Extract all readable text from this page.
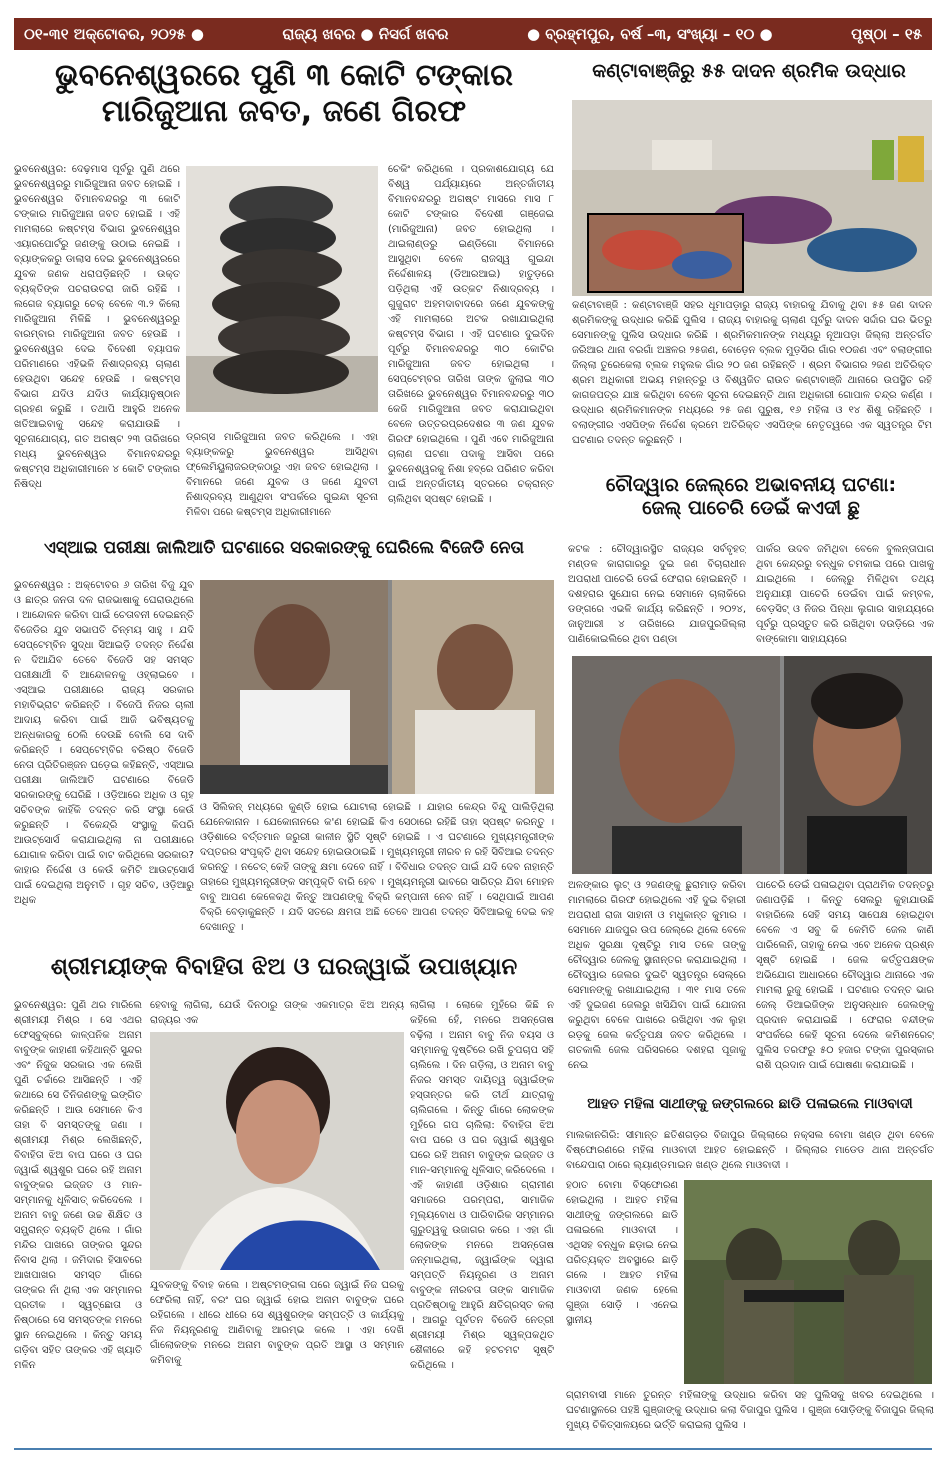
୦୧-୩୧ ଅକ୍ଟୋବର, ୨୦୨୫ ●	ରାଜ୍ୟ ଖବର ● ନିସର୍ଗ ଖବର	● ବ୍ରହ୍ମପୁର, ବର୍ଷ –୩, ସଂଖ୍ୟା – ୧୦ ●	ପୃଷ୍ଠା – ୧୫
ଭୁବନେଶ୍ୱରରେ ପୁଣି ୩ କୋଟି ଟଙ୍କାର
ମାରିଜୁଆନା ଜବତ, ଜଣେ ଗିରଫ
ଭୁବନେଶ୍ୱର: ଦେଢ଼ମାସ ପୂର୍ବରୁ ପୁଣି ଥରେ ଭୁବନେଶ୍ୱରରୁ ମାରିଜୁଆନା ଜବତ ହୋଇଛି । ଭୁବନେଶ୍ୱର ବିମାନବନ୍ଦରରୁ ୩ କୋଟି ଟଙ୍କାର ମାରିଜୁଆନା ଜବତ ହୋଇଛି । ଏହି ମାମଲାରେ କଷ୍ଟମ୍ସ ବିଭାଗ ଭୁବନେଶ୍ୱର ଏୟାରପୋର୍ଟରୁ ଜଣଙ୍କୁ ଉଠାଇ ନେଇଛି । ବ୍ୟାଙ୍କକରୁ ଡାଲାସ ଦେଇ ଭୁବନେଶ୍ୱରରେ ଯୁବକ ଜଣକ ଧରାପଡ଼ିଛନ୍ତି । ଉକ୍ତ ବ୍ୟକ୍ତିଙ୍କ ପଚରାଉଚରା ଜାରି ରହିଛି । ଲଗେଜ ବ୍ୟାଗରୁ ଚେକ୍ ବେଳେ ୩.୨ କିଲୋ ମାରିଜୁଆନା ମିଳିଛି । ଭୁବନେଶ୍ୱରରୁ ବାରମ୍ବାର ମାରିଜୁଆନା ଜବତ ହେଉଛି । ଭୁବନେଶ୍ୱର ଦେଇ ବିଦେଶୀ ବ୍ୟାପକ ପରିମାଣରେ ଏହିଭଳି ନିଶାଦ୍ରବ୍ୟ ଚାଲାଣ ହେଉଥିବା ସନ୍ଦେହ ହେଉଛି । କଷ୍ଟମ୍ସ ବିଭାଗ ଯଦିଓ ଯଦିଓ କାର୍ଯ୍ୟାନୁଷ୍ଠାନ ଗ୍ରହଣ କରୁଛି । ତଥାପି ଆହୁରି ଅନେକ ଖତିଆଇବାକୁ ସନ୍ଦେହ କରାଯାଉଛି । ସୂଚନାଯୋଗ୍ୟ, ଗତ ଅଗଷ୍ଟ ୨୩ ତାରିଖରେ ମଧ୍ୟ ଭୁବନେଶ୍ୱର ବିମାନବନ୍ଦରରୁ କଷ୍ଟମ୍ସ ଅଧିକାରୀମାନେ ୪ କୋଟି ଟଙ୍କାର ନିଷିଦ୍ଧ
ଡ୍ରଗ୍ସ ମାରିଜୁଆନା ଜବତ କରିଥିଲେ । ଏହା ବ୍ୟାଙ୍କକରୁ ଭୁବନେଶ୍ୱର ଆସିଥିବା ଫ୍ଲେମିୟୁଲାଜରଙ୍କଠାରୁ ଏହା ଜବତ ହୋଇଥିଲା । ବିମାନରେ ଜଣେ ଯୁବକ ଓ ଜଣେ ଯୁବତୀ ନିଶାଦ୍ରବ୍ୟ ଆଣୁଥିବା ସଂପର୍କରେ ଗୁଇନ୍ଦା ସୂଚନା ମିଳିବା ପରେ କଷ୍ଟମ୍ସ ଅଧିକାରୀମାନେ
ଚେକିଂ କରିଥିଲେ । ପ୍ରକାଶଯୋଗ୍ୟ ଯେ ବିଶ୍ୱ ପର୍ଯ୍ୟାୟରେ ଅନ୍ତର୍ଜାତୀୟ ବିମାନବନ୍ଦରରୁ ଅଗଷ୍ଟ ମାସରେ ମାସ ୮ କୋଟି ଟଙ୍କାର ବିଦେଶୀ ଗଞ୍ଜେଇ (ମାରିଜୁଆନା) ଜବତ ହୋଇଥିଲା । ଥାଇଲାଣ୍ଡରୁ ଇଣ୍ଡିଗୋ ବିମାନରେ ଆସୁଥିବା ବେଳେ ରାଜସ୍ୱ ଗୁଇନ୍ଦା ନିର୍ଦ୍ଦେଶାଳୟ (ଡିଆରଆଇ) ହାତୁଡ଼ରେ ପଡ଼ିଥିଲା ଏହି ଉତ୍କଟ ନିଶାଦ୍ରବ୍ୟ । ଗୁଜୁରାଟ ଅହମଦାବାଦରେ ଜଣେ ଯୁବକଙ୍କୁ ଏହି ମାମଲାରେ ଅଟକ ରଖାଯାଇଥିଲା କଷ୍ଟମ୍ସ ବିଭାଗ । ଏହି ଘଟଣାର ଦୁଇଦିନ ପୂର୍ବରୁ ବିମାନବନ୍ଦରରୁ ୩୦ କୋଟିର ମାରିଜୁଆନା ଜବତ ହୋଇଥିଲା । ସେପ୍ଟେମ୍ବର ତାରିଖ ତାଙ୍କ ଜୁଲାଇ ୩୦ ତାରିଖରେ ଭୁବନେଶ୍ୱର ବିମାନବନ୍ଦରରୁ ୩୦ କେଜି ମାରିଜୁଆନା ଜବତ କରାଯାଇଥିବା ବେଳେ ଉତ୍ତରପ୍ରଦେଶର ୩ ଜଣ ଯୁବକ ଗିରଫ ହୋଇଥିଲେ । ପୁଣି ଏବେ ମାରିଜୁଆନା ଚାଲାଣ ଘଟଣା ପଦାକୁ ଆସିବା ପରେ ଭୁବନେଶ୍ୱରକୁ ନିଶା ହବ୍‌ରେ ପରିଣତ କରିବା ପାଇଁ ଅନ୍ତର୍ଜାତୀୟ ସ୍ତରରେ ଚକ୍ରାନ୍ତ ଚାଲିଥିବା ସ୍ପଷ୍ଟ ହୋଇଛି ।
କଣ୍ଟାବାଞ୍ଜିରୁ ୫୫ ଦାଦନ ଶ୍ରମିକ ଉଦ୍ଧାର
କଣ୍ଟାବାଞ୍ଜି : କଣ୍ଟାବାଞ୍ଜି ସହର ଧୂମାପଡ଼ାରୁ ରାଜ୍ୟ ବାହାରକୁ ଯିବାକୁ ଥିବା ୫୫ ଜଣ ଦାଦନ ଶ୍ରମିକଙ୍କୁ ଉଦ୍ଧାର କରିଛି ପୁଲିସ । ରାଜ୍ୟ ବାହାରକୁ ଚାଲାଣ ପୂର୍ବରୁ ଦାଦନ ସର୍ଦ୍ଦାର ଘର ଭିତରୁ ସେମାନଙ୍କୁ ପୁଲିସ ଉଦ୍ଧାର କରିଛି । ଶ୍ରମିକମାନଙ୍କ ମଧ୍ୟରୁ ନୂଆପଡ଼ା ଜିଲ୍ଲା ଅନ୍ତର୍ଗତ ଜରିଆର ଥାନା ବରଗାଁ ଅଞ୍ଚଳର ୨୫ଜଣ, ବୋଡ଼େନ ବ୍ଲକ ମୁଡ଼ସିର ଗାଁର ୧୦ଜଣ ଏବଂ ବଲାଙ୍ଗୀର ଜିଲ୍ଲା ତୁରେକେଲା ବ୍ଲକ ମହୁଲକ ଗାଁର ୨୦ ଜଣ ରହିଛନ୍ତି । ଶ୍ରମ ବିଭାଗର ୨ଜଣ ଅତିରିକ୍ତ ଶ୍ରମ ଅଧିକାରୀ ଅଭୟ ମହାନ୍ତରୁ ଓ ବିଶ୍ୱଜିତ ରାଉତ କଣ୍ଟାବାଞ୍ଜି ଥାନାରେ ଉପସ୍ଥିତ ରହି କାଗଜପତ୍ର ଯାଞ୍ଚ କରିଥିବା ବେଳେ ସୂଚନା ଦେଇଛନ୍ତି ଥାନା ଅଧିକାରୀ ଗୋପାଳ ଚନ୍ଦ୍ର କର୍ଣ୍ଣ । ଉଦ୍ଧାର ଶ୍ରମିକମାନଙ୍କ ମଧ୍ୟରେ ୨୫ ଜଣ ପୁରୁଷ, ୧୬ ମହିଳା ଓ ୧୪ ଶିଶୁ ରହିଛନ୍ତି । ବଲାଙ୍ଗୀର ଏସପିଙ୍କ ନିର୍ଦ୍ଦେଶ କ୍ରମେ ଅତିରିକ୍ତ ଏସପିଙ୍କ ନେତୃତ୍ୱରେ ଏକ ସ୍ୱତନ୍ତ୍ର ଟିମ ଘଟଣାର ତଦନ୍ତ କରୁଛନ୍ତି ।
ଚୌଦ୍ୱାର ଜେଲ୍‌ରେ ଅଭାବନୀୟ ଘଟଣା:
ଜେଲ୍ ପାଚେରି ଡେଇଁ କଏଦୀ ଛୁ
କଟକ : ଚୌଦ୍ୱାରସ୍ଥିତ ରାଜ୍ୟର ସର୍ବବୃହତ୍ ମଣ୍ଡଳ କାରାଗାରରୁ ଦୁଇ ଜଣ ବିଚାରାଧୀନ ଅପରାଧୀ ପାଚେରି ଡେଇଁ ଫେରାର ହୋଇଛନ୍ତି । ଦଶହରାର ସୁଯୋଗ ନେଇ ସେମାନେ ଚାଲାକିରେ ଡଙ୍ଗରେ ଏଭଳି କାର୍ଯ୍ୟ କରିଛନ୍ତି । ୨୦୨୪, ଜାନୁଆରୀ ୪ ତାରିଖରେ ଯାଜପୁରଜିଲ୍ଲା ପାଣିକୋଇଲିରେ ଥିବା ପଣ୍ଡା
ପାର୍କର ଉଦବ ଜମିଥିବା ବେଳେ ବୁଲନ୍ତାପାଗ ଥିବା କେନ୍ଦ୍ରରୁ ବନ୍ଧୁକ ଚମକାଇ ପରେ ପାଖକୁ ଯାଇଥିଲେ । ଜେଲ୍ରୁ ମିଳିଥିବା ତଥ୍ୟ ଅନୁଯାୟୀ ପାଚେରି ଡେଇଁବା ପାଇଁ କମ୍ବଳ, ବେଡ଼ସିଟ୍ ଓ ନିଜର ପିନ୍ଧା ଲୁଗାର ସାହାଯ୍ୟରେ ପୂର୍ବରୁ ପ୍ରସ୍ତୁତ କରି ରଖିଥିବା ଦଉଡ଼ିରେ ଏକ ବାଙ୍କୋମା ସାହାଯ୍ୟରେ
ଅଳଙ୍କାର ଲୁଟ୍ ଓ ୨ଜଣଙ୍କୁ ଛୁରାମାଡ଼ କରିବା ମାମଲାରେ ଗିରଫ ହୋଇଥିଲେ ଏହି ଦୁଇ ବିହାରୀ ଅପରାଧୀ ରାଜା ସାହାନୀ ଓ ମଧୁକାନ୍ତ କୁମାର । ସେମାନେ ଯାଜପୁର ଉପ ଜେଲ୍‌ରେ ଥିଲେ ବେଳେ ଅଧିକ ସୁରକ୍ଷା ଦୃଷ୍ଟିରୁ ମାସ ତଳେ ତାଙ୍କୁ ଚୌଦ୍ୱାର ଜେଲକୁ ସ୍ଥାନାନ୍ତର କରାଯାଇଥିଲା । ଚୌଦ୍ୱାର ଜେଲର ଦୁଇଟି ସ୍ୱତନ୍ତ୍ର ସେଲ୍‌ରେ ସେମାନଙ୍କୁ ରଖାଯାଇଥିଲା । ୩୧ ମାସ ତଳେ ଏହି ଦୁଇଜଣ ଜେଲରୁ ଖସିଯିବା ପାଇଁ ଯୋଜନା କରୁଥିବା ବେଳେ ପାଖରେ ରଖିଥିବା ଏକ ଲୁହା ରଡ଼କୁ ଜେଲ କର୍ତ୍ତୃପକ୍ଷ ଜବତ କରିଥିଲେ । ଗତକାଲି ଜେଲ ପରିସରରେ ଦଶହରା ପୂଜାକୁ ନେଇ
ପାଚେରି ଡେଇଁ ପଳାଇଥିବା ପ୍ରାଥମିକ ତଦନ୍ତରୁ ଜଣାପଡ଼ିଛି । କିନ୍ତୁ ସେଲରୁ କୁହାଯାଉଛି ବାହାରିଲେ ସେହି ସମୟ ସାପେକ୍ଷ ହୋଇଥିବା ବେଳେ ଏ ସବୁ କି କେମିତି ଜେଲ କାଣି ପାରିଲେନି, ତାହାକୁ ନେଇ ଏବେ ଅନେକ ପ୍ରଶ୍ନ ସୃଷ୍ଟି ହୋଇଛି । ଜେଲ କର୍ତ୍ତୃପକ୍ଷଙ୍କ ଅଭିଯୋଗ ଆଧାରରେ ଚୌଦ୍ୱାର ଥାନାରେ ଏକ ମାମଲା ରୁଜୁ ହୋଇଛି । ଘଟଣାର ତଦନ୍ତ ଭାର ଜେଲ୍ ଡିଆଇଜିଙ୍କ ଅନୁସନ୍ଧାନ ଜେଲଙ୍କୁ ପ୍ରଦାନ କରାଯାଇଛି । ଫେରାର ବନ୍ଦୀଙ୍କ ସଂପର୍କରେ କେହି ସୂଚନା ଦେଲେ କମିଶନରେଟ୍ ପୁଲିସ ତରଫରୁ ୫୦ ହଜାର ଟଙ୍କା ପୁରସ୍କାର ରାଶି ପ୍ରଦାନ ପାଇଁ ଘୋଷଣା କରାଯାଇଛି ।
ଏସ୍ଆଇ ପରୀକ୍ଷା ଜାଲିଆତି ଘଟଣାରେ ସରକାରଙ୍କୁ ଘେରିଲେ ବିଜେଡି ନେତା
ଭୁବନେଶ୍ୱର : ଅକ୍ଟୋବର ୬ ତାରିଖ ବିଜୁ ଯୁବ ଓ ଛାତ୍ର ଜନତା ଦଳ ରାଜଭାଷାକୁ ଘେରାଉଥିଲେ । ଆନ୍ଦୋଳନ କରିବା ପାଇଁ ଚେତାବନୀ ଦେଇଛନ୍ତି ବିଜେଡିର ଯୁବ ସଭାପତି ଚିନ୍ମୟ ସାହୁ । ଯଦି ସେପ୍ଟେମ୍ବିନ ସୁଦ୍ଧା ସିଆଇଡ଼ି ତଦନ୍ତ ନିର୍ଦ୍ଦେଶ ନ ଦିଆଯିବ ତେବେ ବିଜେଡି ସହ ସମସ୍ତ ପରୀକ୍ଷାର୍ଥୀ ବି ଆନ୍ଦୋଳନକୁ ଓହ୍ଲାଇବେ । ଏସ୍ଆଇ ପରୀକ୍ଷାରେ ରାଜ୍ୟ ସରକାର ମହାବିଭ୍ରାଟ କରିଛନ୍ତି । ବିଜେପି ନିଜର ଚାଲୀ ଆଦାୟ କରିବା ପାଇଁ ଆଜି ଭବିଷ୍ୟତକୁ ଅନ୍ଧକାରକୁ ଠେଲି ଦେଉଛି ବୋଲି ସେ ଦାବି କରିଛନ୍ତି । ସେପ୍ଟେମ୍ବିର ବରିଷ୍ଠ ବିଜେଡି ନେତା ପ୍ରିତିରଞ୍ଜନ ଘଡ଼େଇ କହିଛନ୍ତି, ଏସ୍ଆଇ ପରୀକ୍ଷା ଜାଲିଆତି ଘଟଣାରେ ବିଜେଡି ସରକାରଙ୍କୁ ଘେରିଛି । ଓଡ଼ିଆରେ ଅଧିକ ଓ ଗୃହ ସଚିବଙ୍କ କାହିଁକି ତଦନ୍ତ କରି ସଂସ୍ଥା କେଉଁ କରୁଛନ୍ତି । ବିକେନ୍ଦ୍ରି ସଂସ୍ଥାକୁ କିପରି ଆଉଟ୍‌ସୋର୍ସ କରାଯାଇଥିଲା ନା ପରୀକ୍ଷାରେ ଯୋଗାଳ କରିବା ପାଇଁ ବାଟ କରିଥିଲେ ସରକାର? କାହାର ନିର୍ଦ୍ଦେଶ ଓ କେଉଁ କମିଟି ଆଉଟ୍‌ସୋର୍ସ ପାଇଁ ଦେଇଥିଲା ଅନୁମତି । ଗୃହ ସଚିବ, ଓଡ଼ିଆରୁ ଅଧିକ
ଓ ସିଲିକନ୍ ମଧ୍ୟରେ କୁଣ୍ଡି ହୋଇ ଯୋଟାଲା ହୋଇଛି । ଯାହାର କେନ୍ଦ୍ର ବିନ୍ଦୁ ପାଲିଡ଼ିଥିଲା ଯେନେକାନାନ । ଯେକୋନାନରେ କ'ଣ ହୋଇଛି କିଏ ସେଠାରେ ରହିଛି ତାହା ସ୍ପଷ୍ଟ କରନ୍ତୁ । ଓଡ଼ିଶାରେ ବର୍ତ୍ତମାନ ଜରୁରୀ କାଳୀନ ସ୍ଥିତି ସୃଷ୍ଟି ହୋଇଛି । ଏ ଘଟଣାରେ ମୁଖ୍ୟମନ୍ତ୍ରୀଙ୍କ ଦପ୍ତରର ସଂପୃକ୍ତି ଥିବା ସନ୍ଦେହ ହୋଇଉଠାଇଛି । ମୁଖ୍ୟମନ୍ତ୍ରୀ ନୀରବ ନ ରହି ସିବିଆଇ ତଦନ୍ତ କରନ୍ତୁ । ନଚେତ୍ କେହି ତାଙ୍କୁ କ୍ଷମା ଦେବେ ନାହିଁ । ବିବିଧାର ତଦନ୍ତ ପାଇଁ ଯଦି ଦେବ ନାହାନ୍ତି ତାହାରେ ମୁଖ୍ୟମନ୍ତ୍ରୀଙ୍କ ସମ୍ପୃକ୍ତି ବାରି ହେବ । ମୁଖ୍ୟମନ୍ତ୍ରୀ ଭାବରେ ସାରିତ୍ର ଯିବା ମୋହନ ବାବୁ ଆପଣ କେଳେକଥି କିନ୍ତୁ ଆପଣଙ୍କୁ ବିକ୍ରି କମ୍ପାନୀ ନେବ ନାହିଁ । ସେଥିପାଇଁ ଆପଣ ବିକ୍ରି ବେଡ଼ାକୁଛନ୍ତି । ଯଦି ସତରେ କ୍ଷମତା ଅଛି ତେବେ ଆପଣ ତଦନ୍ତ ସିବିଆଇକୁ ଦେଇ କହ ଦେଖାନ୍ତୁ ।
ଶ୍ରୀମୟୀଙ୍କ ବିବାହିତା ଝିଅ ଓ ଘରଜ୍ୱାଇଁ ଉପାଖ୍ୟାନ
ଭୁବନେଶ୍ୱର: ପୁଣି ଥର ମାରିଲେ ଶ୍ରୀମୟୀ ମିଶ୍ର । ସେ ଏଥର ଫେସ୍‌ବୁକ୍‌ରେ କାଳ୍ପନିକ ଅନାମ ବାବୁଙ୍କ କାହାଣୀ କହିଥାନ୍ତି ସୁନ୍ଦର ଏବଂ ନିଜୁକ ସରକାର ଏକ ଲେଖି ପୁଣି ଚର୍ଚ୍ଚାରେ ଆସିଛନ୍ତି । ଏହି କଥାରେ ସେ ତିନିଜଣଙ୍କୁ ଇଙ୍ଗିତ କରିଛନ୍ତି । ଆଉ ସେମାନେ କିଏ ତାହା ବି ସମସ୍ତଙ୍କୁ ଜଣା । ଶ୍ରୀମୟୀ ମିଶ୍ର ଲେଖିଛନ୍ତି, ବିବାହିତା ଝିଅ ବାପ ଘରେ ଓ ଘର ଜ୍ୱାଇଁ ଶ୍ୱଶୁର ଘରେ ରହି ଅନାମ ବାବୁଙ୍କର ଇଜ୍ଜତ ଓ ମାନ-ସମ୍ମାନକୁ ଧୂଳିସାତ୍ କରିଦେଲେ । ଅନାମ ବାବୁ ଜଣେ ଉଚ୍ଚ ଶିକ୍ଷିତ ଓ ସମ୍ଭ୍ରାନ୍ତ ବ୍ୟକ୍ତି ଥିଲେ । ଗାଁର ମନ୍ଦିର ପାଖରେ ତାଙ୍କର ସୁନ୍ଦର ନିବାସ ଥିଲା । ଜମିଦାର ହିସାବରେ ଆଖପାଖର ସମସ୍ତ ଗାଁରେ ତାଙ୍କର ନାଁ ଥିଲା ଏକ ସମ୍ମାନର ପ୍ରତୀକ । ସ୍ୱଚ୍ଛୋତା ଓ ନିଷ୍ଠାରେ ସେ ସମସ୍ତଙ୍କ ମନରେ ସ୍ଥାନ ନେଇଥିଲେ । କିନ୍ତୁ ସମୟ ଗଡ଼ିବା ସହିତ ତାଙ୍କର ଏହି ଖ୍ୟାତି ମଳିନ
ହେବାକୁ ଲାଗିଲା, ଯେଉଁ ଦିନଠାରୁ ତାଙ୍କ ଏକମାତ୍ର ଝିଅ ଅନ୍ୟ ରାଜ୍ୟର ଏକ
ଯୁବକଙ୍କୁ ବିବାହ କଲେ । ଅଷ୍ଟମଙ୍ଗଳା ପରେ ଜ୍ୱାଇଁ ନିଜ ଘରକୁ ଫେରିଲା ନାହିଁ, ବରଂ ଘର ଜ୍ୱାଇଁ ହୋଇ ଅନାମ ବାବୁଙ୍କ ଘରେ ରହିଗଲେ । ଧୀରେ ଧୀରେ ସେ ଶ୍ୱଶୁରଙ୍କ ସମ୍ପତ୍ତି ଓ କାର୍ଯ୍ୟକୁ ନିଜ ନିୟନ୍ତ୍ରଣକୁ ଆଣିବାକୁ ଆରମ୍ଭ କଲେ । ଏହା ଦେଖି ଗାଁଲୋକଙ୍କ ମନରେ ଅନାମ ବାବୁଙ୍କ ପ୍ରତି ଆସ୍ଥା ଓ ସମ୍ମାନ କମିବାକୁ
ଲାଗିଲା । ଲୋକେ ମୁହଁରେ କିଛି ନ କହିଲେ ହେଁ, ମନରେ ଅସନ୍ତୋଷ ବଢ଼ିଲା । ଅନାମ ବାବୁ ନିଜ ବୟସ ଓ ସମ୍ମାନକୁ ଦୃଷ୍ଟିରେ ରଖି ଚୁପଚାପ ସହି ଚାଲିଲେ । ଦିନ ଗଡ଼ିଲା, ଓ ଅନାମ ବାବୁ ନିଜର ସମସ୍ତ ଦାୟିତ୍ୱ ଜ୍ୱାଇଁଙ୍କ ହସ୍ତାନ୍ତର କରି ତୀର୍ଥ ଯାତ୍ରାକୁ ଚାଲିଗଲେ । କିନ୍ତୁ ଗାଁରେ ଲୋକଙ୍କ ମୁହଁରେ ଗପ ଚାଲିଲା: ବିବାହିତା ଝିଅ ବାପ ଘରେ ଓ ଘର ଜ୍ୱାଇଁ ଶ୍ୱଶୁର ଘରେ ରହି ଅନାମ ବାବୁଙ୍କ ଇଜ୍ଜତ ଓ ମାନ-ସମ୍ମାନକୁ ଧୂଳିସାତ୍ କରିଦେଲେ । ଏହି କାହାଣୀ ଓଡ଼ିଶାର ଗ୍ରାମୀଣ ସମାଜରେ ପରମ୍ପରା, ସାମାଜିକ ମୂଲ୍ୟବୋଧ ଓ ପାରିବାରିକ ସମ୍ମାନର ଗୁରୁତ୍ୱକୁ ଉଜାଗର କରେ । ଏହା ଗାଁ ଲୋକଙ୍କ ମନରେ ଅସନ୍ତୋଷ ଜନ୍ମାଇଥିଲା, ଜ୍ୱାଇଁଙ୍କ ଦ୍ୱାରା ସମ୍ପତ୍ତି ନିୟନ୍ତ୍ରଣ ଓ ଅନାମ ବାବୁଙ୍କ ନୀରବତା ତାଙ୍କ ସାମାଜିକ ପ୍ରତିଷ୍ଠାକୁ ଆହୁରି କ୍ଷତିଗ୍ରସ୍ତ କଲା । ଆଗରୁ ପୂର୍ବତନ ବିଜେଡି ନେତ୍ରୀ ଶ୍ରୀମୟୀ ମିଶ୍ର ସ୍ୱଳ୍ପକଥିତ ଶୈଳୀରେ କହି ହଟଚମଟ ସୃଷ୍ଟି କରିଥିଲେ ।
ଆହତ ମହିଳା ସାଥୀଙ୍କୁ ଜଙ୍ଗଲରେ ଛାଡି ପଳାଇଲେ ମାଓବାଦୀ
ମାଲକାନଗିରି: ସୀମାନ୍ତ ଛତିଶଗଡ଼ର ବିଜାପୁର ଜିଲ୍ଲାରେ ନକ୍ସଲ ବୋମା ଖଣ୍ଡ ଥିବା ବେଳେ ବିଷ୍ଫୋରଣରେ ମହିଳା ମାଓବାଦୀ ଆହତ ହୋଇଛନ୍ତି । ଜିଲ୍ଲାର ମାଡେଡ ଥାନା ଅନ୍ତର୍ଗତ ବାନ୍ଦେପାରା ଠାରେ ଲ୍ୟାଣ୍ଡମାଇନ ଖଣ୍ଡ ଥିଲେ ମାଓବାଦୀ ।
ହଠାତ ବୋମା ବିସ୍ଫୋରଣ ହୋଇଥିଲା । ଆହତ ମହିଳା ସାଥୀଙ୍କୁ ଜଙ୍ଗଲରେ ଛାଡି ପଳାଇଲେ ମାଓବାଦୀ । ଏଥିସହ ବନ୍ଧୁକ ଛଡ଼ାଇ ନେଇ ପରିତ୍ୟକ୍ତ ଅବସ୍ଥାରେ ଛାଡ଼ି ଗଲେ । ଆହତ ମହିଳା ମାଓବାଦୀ ଜଣକ ହେଲେ ଗୁଞ୍ଜା ସୋଡ଼ି । ଏନେଇ ସ୍ଥାନୀୟ
ଗ୍ରାମବାସୀ ମାନେ ତୁରନ୍ତ ମହିଳାଙ୍କୁ ଉଦ୍ଧାର କରିବା ସହ ପୁଲିସକୁ ଖବର ଦେଇଥିଲେ । ଘଟଣାସ୍ଥଳରେ ପହଞ୍ଚି ଗୁଞ୍ଜାଙ୍କୁ ଉଦ୍ଧାର କଲା ବିଜାପୁର ପୁଲିସ । ଗୁଞ୍ଜା ସୋଡ଼ିଙ୍କୁ ବିଜାପୁର ଜିଲ୍ଲା ମୁଖ୍ୟ ଚିକିତ୍ସାଳୟରେ ଭର୍ତ୍ତି କରାଇଲା ପୁଲିସ ।
